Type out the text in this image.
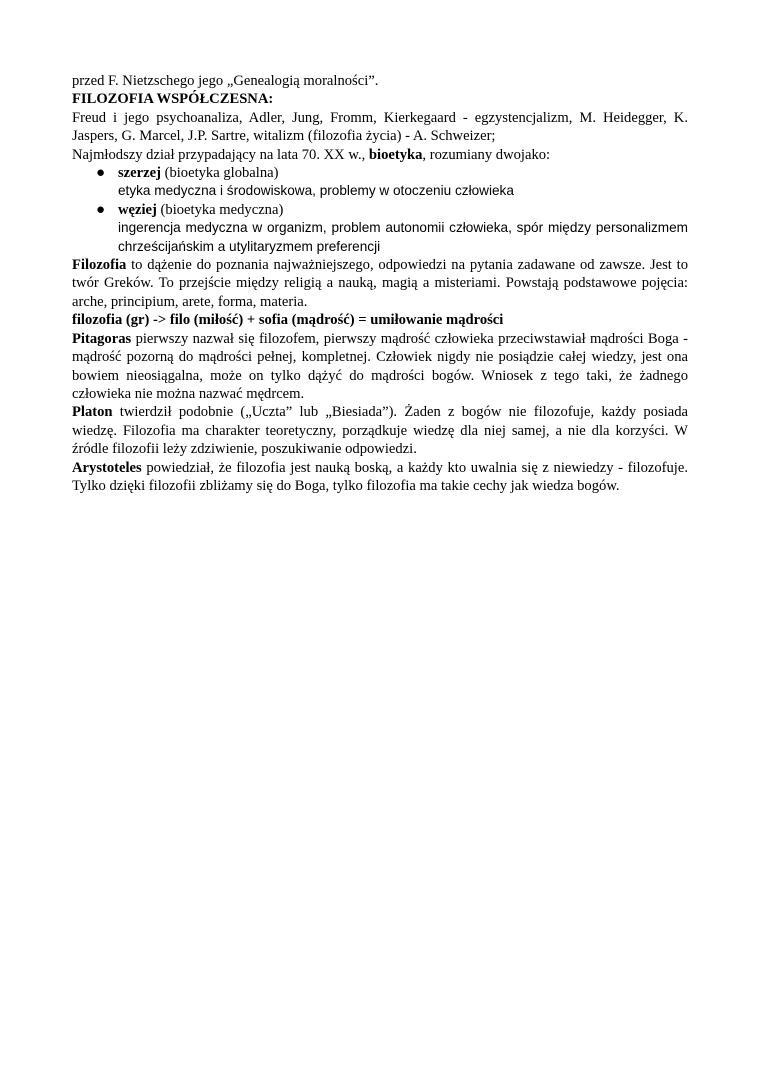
przed F. Nietzschego jego „Genealogią moralności”.

FILOZOFIA WSPÓŁCZESNA:

Freud i jego psychoanaliza, Adler, Jung, Fromm, Kierkegaard - egzystencjalizm, M. Heidegger, K. Jaspers, G. Marcel, J.P. Sartre, witalizm (filozofia życia) - A. Schweizer;

Najmłodszy dział przypadający na lata 70. XX w., bioetyka, rozumiany dwojako:

● szerzej (bioetyka globalna)

etyka medyczna i środowiskowa, problemy w otoczeniu człowieka

● węziej (bioetyka medyczna)

ingerencja medyczna w organizm, problem autonomii człowieka, spór między personalizmem chrześcijańskim a utylitaryzmem preferencji

Filozofia to dążenie do poznania najważniejszego, odpowiedzi na pytania zadawane od zawsze. Jest to twór Greków. To przejście między religią a nauką, magią a misteriami. Powstają podstawowe pojęcia: arche, principium, arete, forma, materia.

filozofia (gr) -> filo (miłość) + sofia (mądrość) = umiłowanie mądrości

Pitagoras pierwszy nazwał się filozofem, pierwszy mądrość człowieka przeciwstawiał mądrości Boga - mądrość pozorną do mądrości pełnej, kompletnej. Człowiek nigdy nie posiądzie całej wiedzy, jest ona bowiem nieosiągalna, może on tylko dążyć do mądrości bogów. Wniosek z tego taki, że żadnego człowieka nie można nazwać mędrcem.

Platon twierdził podobnie („Uczta” lub „Biesiada”). Żaden z bogów nie filozofuje, każdy posiada wiedzę. Filozofia ma charakter teoretyczny, porządkuje wiedzę dla niej samej, a nie dla korzyści. W źródle filozofii leży zdziwienie, poszukiwanie odpowiedzi.

Arystoteles powiedział, że filozofia jest nauką boską, a każdy kto uwalnia się z niewiedzy - filozofuje. Tylko dzięki filozofii zbliżamy się do Boga, tylko filozofia ma takie cechy jak wiedza bogów.
